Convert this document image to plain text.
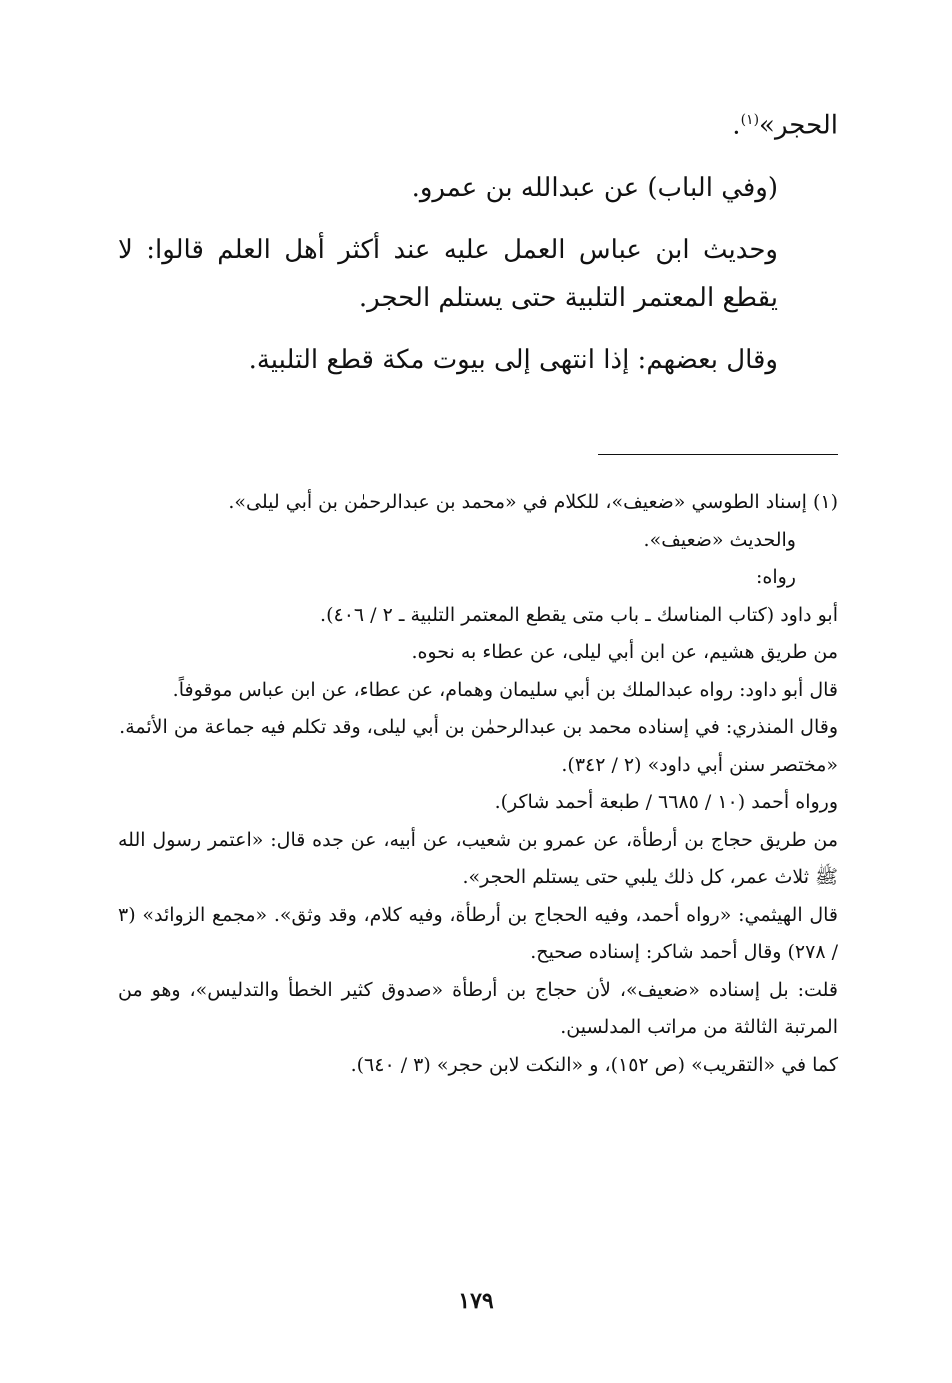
الحجر»$^{(١)}$.

(وفي الباب) عن عبدالله بن عمرو.

وحديث ابن عباس العمل عليه عند أكثر أهل العلم قالوا: لا يقطع المعتمر التلبية حتى يستلم الحجر.

وقال بعضهم: إذا انتهى إلى بيوت مكة قطع التلبية.

(١) إسناد الطوسي «ضعيف»، للكلام في «محمد بن عبدالرحمٰن بن أبي ليلى».

والحديث «ضعيف».

رواه:

أبو داود (كتاب المناسك ـ باب متى يقطع المعتمر التلبية ـ ٢ / ٤٠٦).

من طريق هشيم، عن ابن أبي ليلى، عن عطاء به نحوه.

قال أبو داود: رواه عبدالملك بن أبي سليمان وهمام، عن عطاء، عن ابن عباس موقوفاً.

وقال المنذري: في إسناده محمد بن عبدالرحمٰن بن أبي ليلى، وقد تكلم فيه جماعة من الأئمة.

«مختصر سنن أبي داود» (٢ / ٣٤٢).

ورواه أحمد (١٠ / ٦٦٨٥ / طبعة أحمد شاكر).

من طريق حجاج بن أرطأة، عن عمرو بن شعيب، عن أبيه، عن جده قال: «اعتمر رسول الله ﷺ ثلاث عمر، كل ذلك يلبي حتى يستلم الحجر».

قال الهيثمي: «رواه أحمد، وفيه الحجاج بن أرطأة، وفيه كلام، وقد وثق». «مجمع الزوائد» (٣ / ٢٧٨) وقال أحمد شاكر: إسناده صحيح.

قلت: بل إسناده «ضعيف»، لأن حجاج بن أرطأة «صدوق كثير الخطأ والتدليس»، وهو من المرتبة الثالثة من مراتب المدلسين.

كما في «التقريب» (ص ١٥٢)، و «النكت لابن حجر» (٣ / ٦٤٠).

١٧٩
